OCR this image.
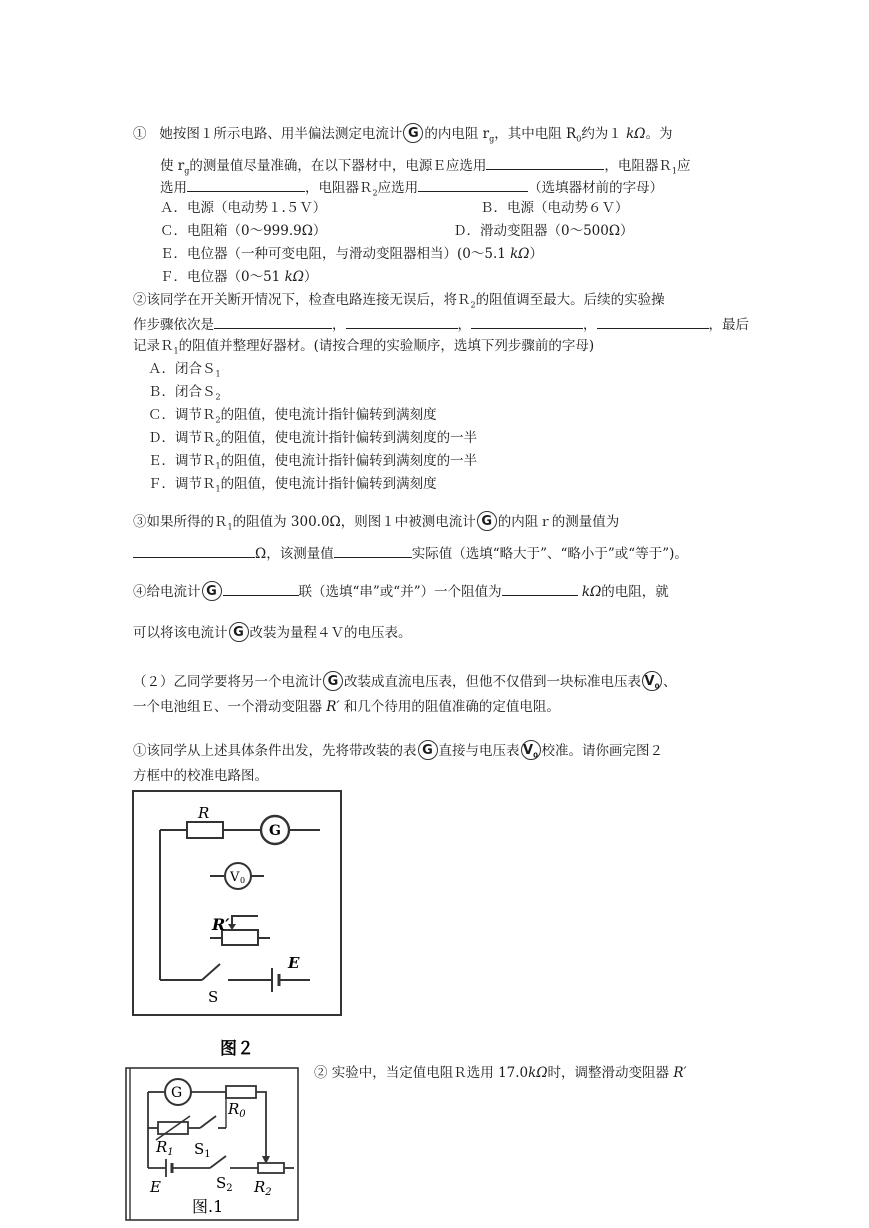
① 她按图１所示电路、用半偏法测定电流计 G 的内电阻 $r_g$，其中电阻 $R_0$约为１ kΩ。为
使 $r_g$的测量值尽量准确，在以下器材中，电源Ｅ应选用	，电阻器Ｒ$_1$应
选用	，电阻器Ｒ$_2$应选用	（选填器材前的字母）
Ａ．电源（电动势１.５Ｖ）	Ｂ．电源（电动势６Ｖ）
Ｃ．电阻箱（0～999.9Ω）	Ｄ．滑动变阻器（0～500Ω）
Ｅ．电位器（一种可变电阻，与滑动变阻器相当）(0～5.1 kΩ）
Ｆ．电位器（0～51 kΩ）
②该同学在开关断开情况下，检查电路连接无误后，将Ｒ$_2$的阻值调至最大。后续的实验操
作步骤依次是	，	，	，	，最后
记录Ｒ$_1$的阻值并整理好器材。(请按合理的实验顺序，选填下列步骤前的字母)
Ａ．闭合Ｓ$_1$
Ｂ．闭合Ｓ$_2$
Ｃ．调节Ｒ$_2$的阻值，使电流计指针偏转到满刻度
Ｄ．调节Ｒ$_2$的阻值，使电流计指针偏转到满刻度的一半
Ｅ．调节Ｒ$_1$的阻值，使电流计指针偏转到满刻度的一半
Ｆ．调节Ｒ$_1$的阻值，使电流计指针偏转到满刻度
③如果所得的Ｒ$_1$的阻值为 300.0Ω，则图１中被测电流计 G 的内阻ｒ的测量值为
Ω，该测量值	实际值（选填“略大于”、“略小于”或“等于”)。
④给电流计 G	联（选填“串”或“并”）一个阻值为	kΩ的电阻，就
可以将该电流计 G 改装为量程４Ｖ的电压表。
（２）乙同学要将另一个电流计 G 改装成直流电压表，但他不仅借到一块标准电压表 $V_0$ 、
一个电池组Ｅ、一个滑动变阻器 R′ 和几个待用的阻值准确的定值电阻。
①该同学从上述具体条件出发，先将带改装的表 G 直接与电压表 $V_0$ 校准。请你画完图２
方框中的校准电路图。
R
G
V 0
R′
S
E
图２
② 实验中，当定值电阻Ｒ选用 17.0kΩ时，调整滑动变阻器 R′
G
$R_0$
$R_1$ $S_1$
E	$S_2$ $R_2$
图.1
